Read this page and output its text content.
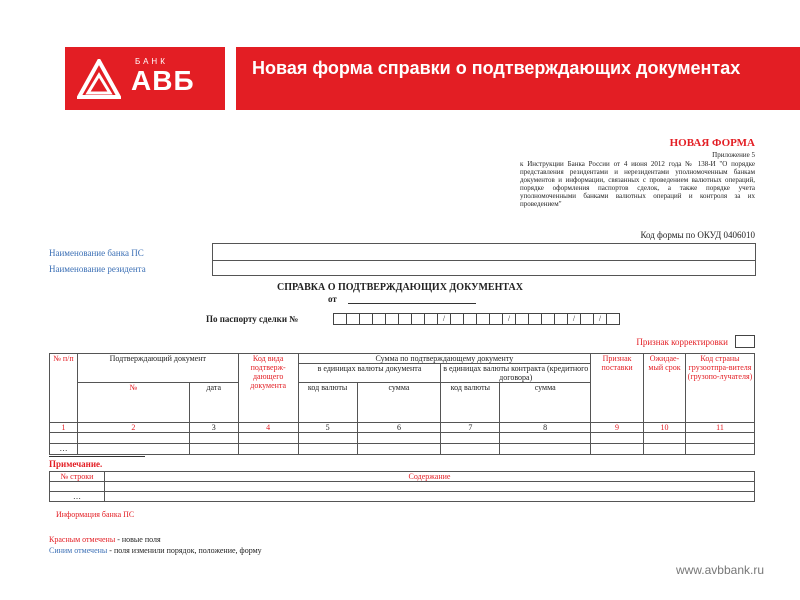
БАНК
АВБ	Новая форма справки о подтверждающих документах
НОВАЯ ФОРМА
Приложение 5
к Инструкции Банка России от 4 июня 2012 года № 138-И "О порядке представления резидентами и нерезидентами уполномоченным банкам документов и информации, связанных с проведением валютных операций, порядке оформления паспортов сделок, а также порядке учета уполномоченными банками валютных операций и контроля за их проведением"
Код формы по ОКУД 0406010
Наименование банка ПС
Наименование резидента
СПРАВКА О ПОДТВЕРЖДАЮЩИХ ДОКУМЕНТАХ
от
По паспорту сделки №	/	/	/	/
Признак корректировки
№ п/п	Подтверждающий документ		Код вида подтверж-дающего документа	Сумма по подтверждающему документу				Признак поставки	Ожидае-мый срок	Код страны грузоотпра-вителя (грузопо-лучателя)
				в единицах валюты документа		в единицах валюты контракта (кредитного договора)				
	№	дата		код валюты	сумма	код валюты	сумма			
1	2	3	4	5	6	7	8	9	10	11

…										
Примечание.
№ строки	Содержание

…	
Информация банка ПС
Красным отмечены - новые поля
Синим отмечены - поля изменили порядок, положение, форму
www.avbbank.ru
